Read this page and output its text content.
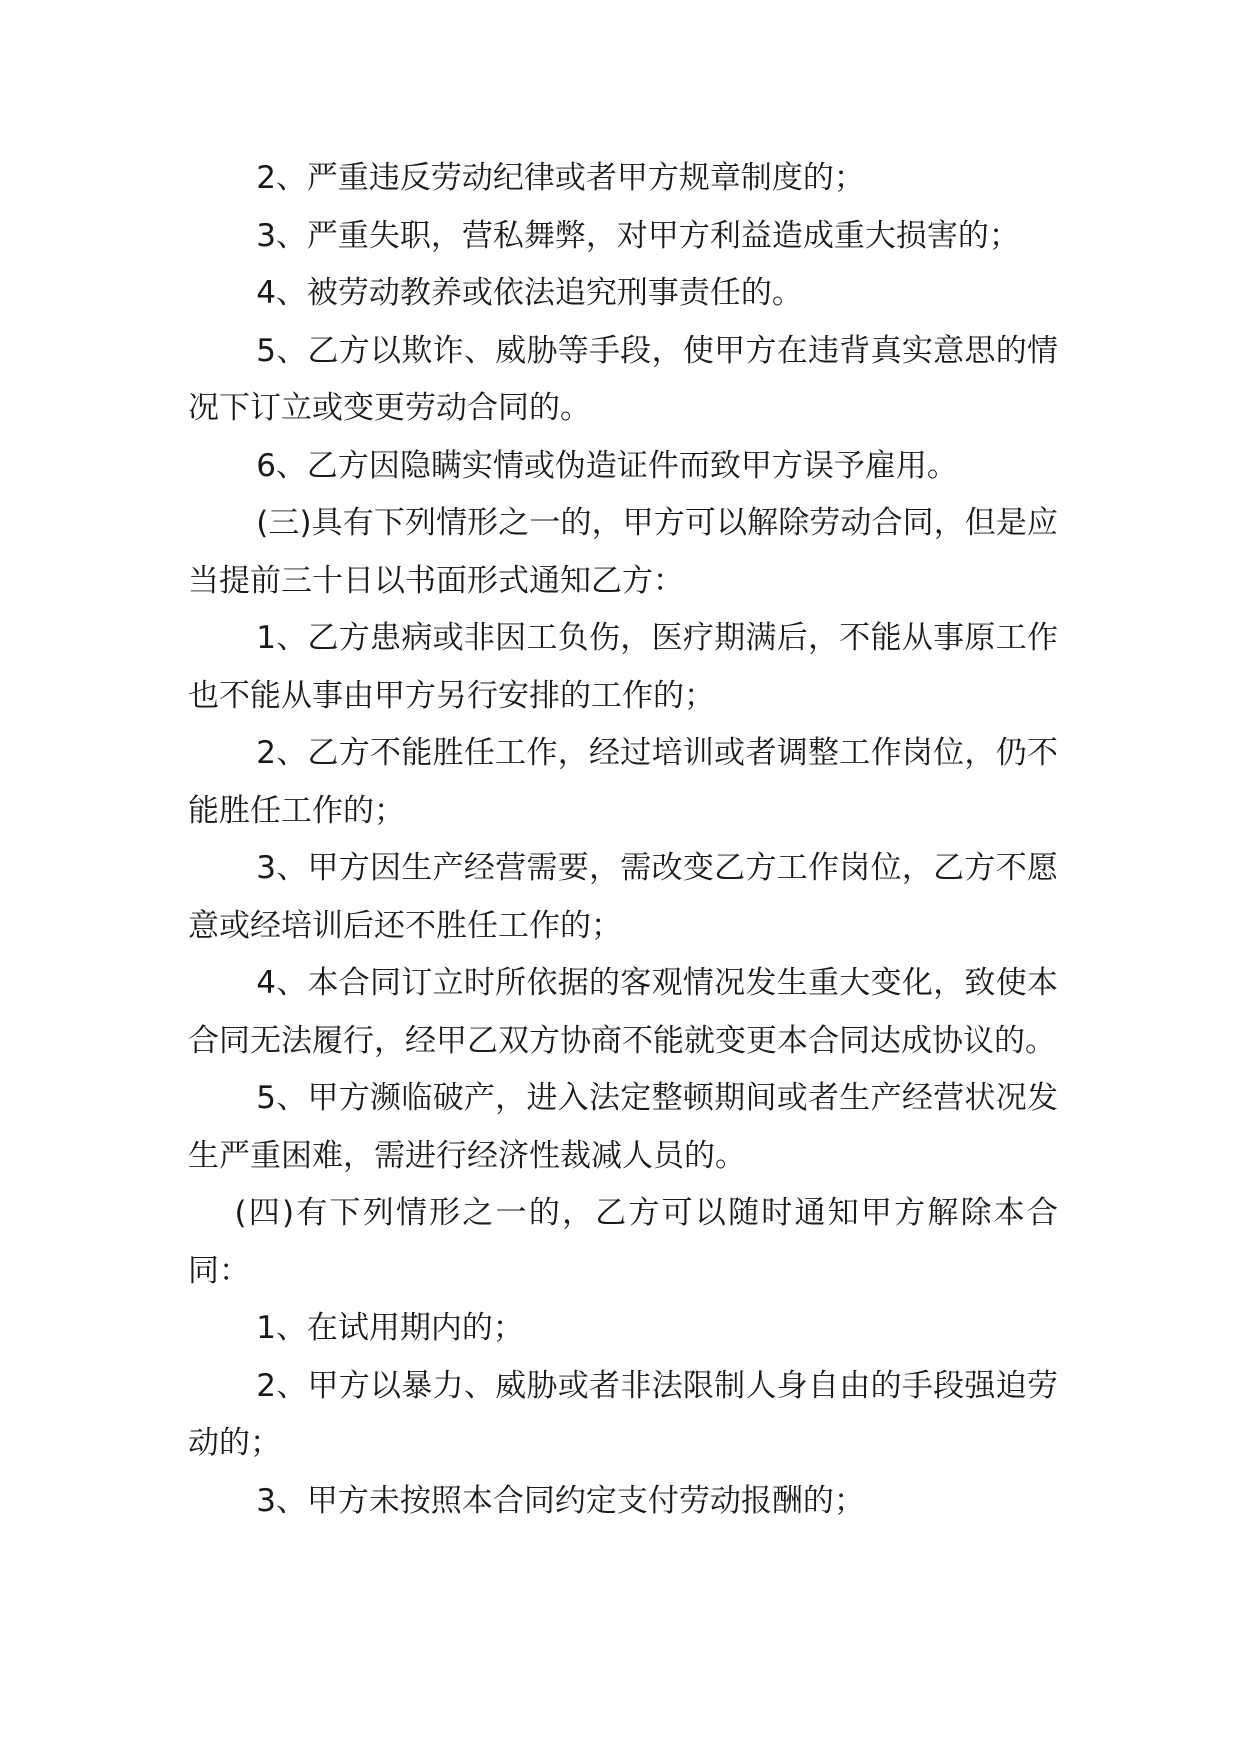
2、严重违反劳动纪律或者甲方规章制度的；

3、严重失职，营私舞弊，对甲方利益造成重大损害的；

4、被劳动教养或依法追究刑事责任的。

5、乙方以欺诈、威胁等手段，使甲方在违背真实意思的情况下订立或变更劳动合同的。

6、乙方因隐瞒实情或伪造证件而致甲方误予雇用。

(三)具有下列情形之一的，甲方可以解除劳动合同，但是应当提前三十日以书面形式通知乙方：

1、乙方患病或非因工负伤，医疗期满后，不能从事原工作也不能从事由甲方另行安排的工作的；

2、乙方不能胜任工作，经过培训或者调整工作岗位，仍不能胜任工作的；

3、甲方因生产经营需要，需改变乙方工作岗位，乙方不愿意或经培训后还不胜任工作的；

4、本合同订立时所依据的客观情况发生重大变化，致使本合同无法履行，经甲乙双方协商不能就变更本合同达成协议的。

5、甲方濒临破产，进入法定整顿期间或者生产经营状况发生严重困难，需进行经济性裁减人员的。

(四)有下列情形之一的，乙方可以随时通知甲方解除本合同：

1、在试用期内的；

2、甲方以暴力、威胁或者非法限制人身自由的手段强迫劳动的；

3、甲方未按照本合同约定支付劳动报酬的；
